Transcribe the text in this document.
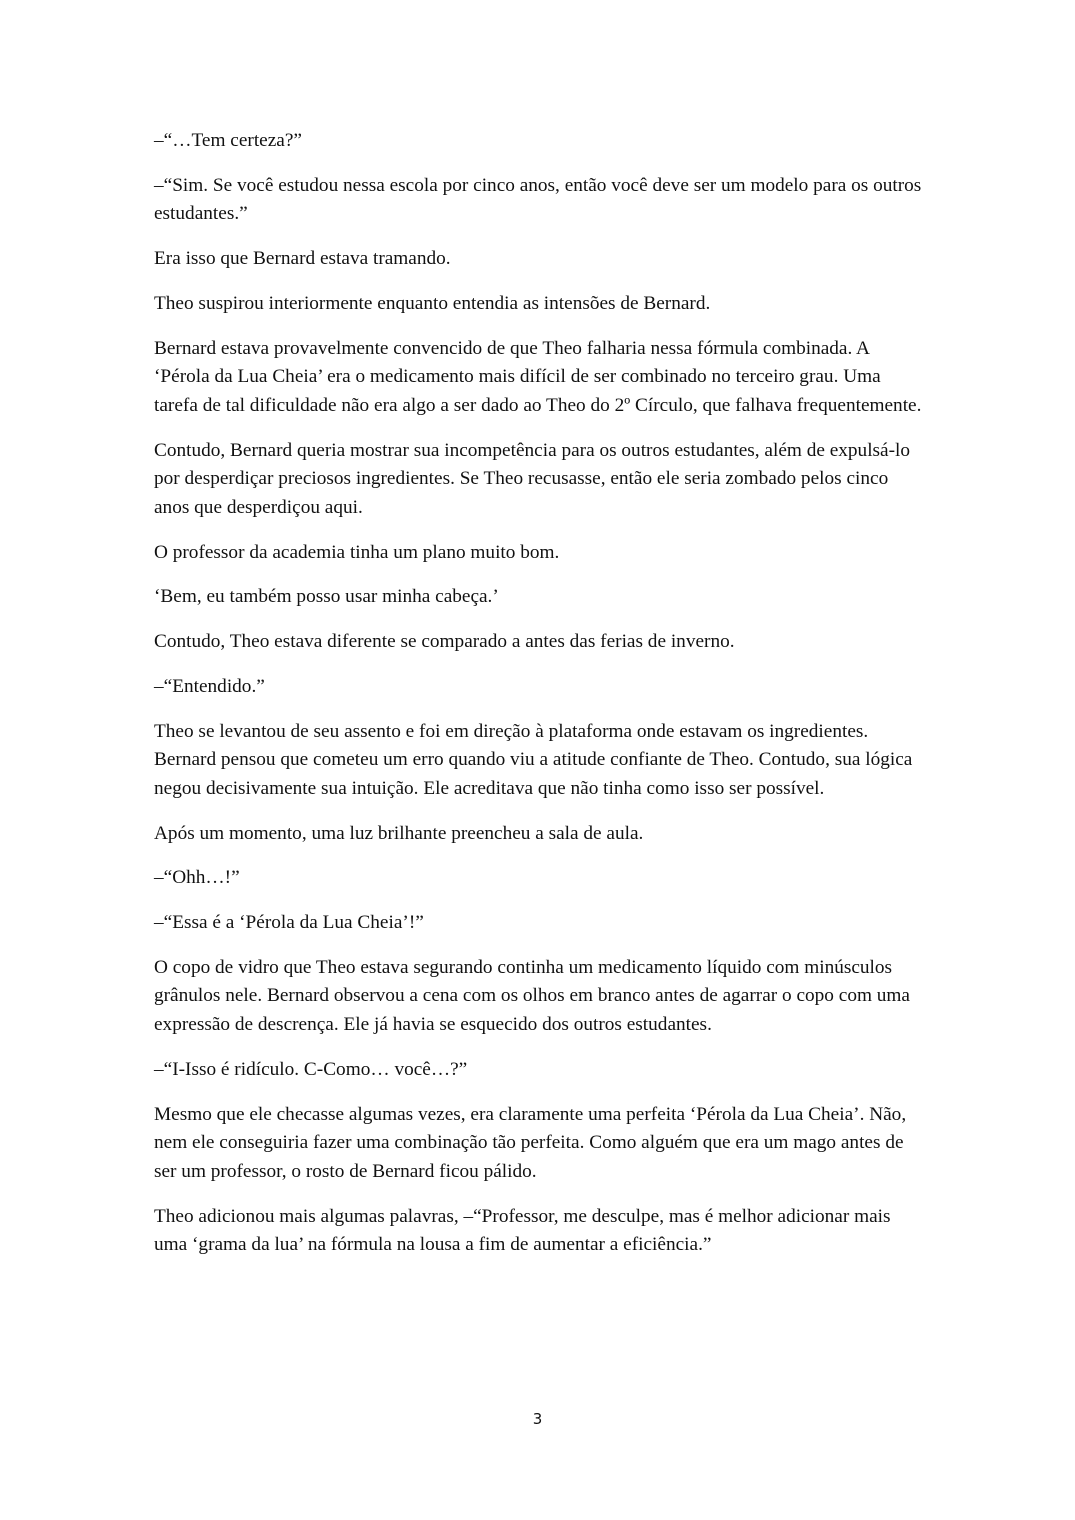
–“…Tem certeza?”

–“Sim. Se você estudou nessa escola por cinco anos, então você deve ser um modelo para os outros estudantes.”

Era isso que Bernard estava tramando.

Theo suspirou interiormente enquanto entendia as intensões de Bernard.

Bernard estava provavelmente convencido de que Theo falharia nessa fórmula combinada. A ‘Pérola da Lua Cheia’ era o medicamento mais difícil de ser combinado no terceiro grau. Uma tarefa de tal dificuldade não era algo a ser dado ao Theo do 2º Círculo, que falhava frequentemente.

Contudo, Bernard queria mostrar sua incompetência para os outros estudantes, além de expulsá-lo por desperdiçar preciosos ingredientes. Se Theo recusasse, então ele seria zombado pelos cinco anos que desperdiçou aqui.

O professor da academia tinha um plano muito bom.

‘Bem, eu também posso usar minha cabeça.’

Contudo, Theo estava diferente se comparado a antes das ferias de inverno.

–“Entendido.”

Theo se levantou de seu assento e foi em direção à plataforma onde estavam os ingredientes. Bernard pensou que cometeu um erro quando viu a atitude confiante de Theo. Contudo, sua lógica negou decisivamente sua intuição. Ele acreditava que não tinha como isso ser possível.

Após um momento, uma luz brilhante preencheu a sala de aula.

–“Ohh…!”

–“Essa é a ‘Pérola da Lua Cheia’!”

O copo de vidro que Theo estava segurando continha um medicamento líquido com minúsculos grânulos nele. Bernard observou a cena com os olhos em branco antes de agarrar o copo com uma expressão de descrença. Ele já havia se esquecido dos outros estudantes.

–“I-Isso é ridículo. C-Como… você…?”

Mesmo que ele checasse algumas vezes, era claramente uma perfeita ‘Pérola da Lua Cheia’. Não, nem ele conseguiria fazer uma combinação tão perfeita. Como alguém que era um mago antes de ser um professor, o rosto de Bernard ficou pálido.

Theo adicionou mais algumas palavras, –“Professor, me desculpe, mas é melhor adicionar mais uma ‘grama da lua’ na fórmula na lousa a fim de aumentar a eficiência.”

3
